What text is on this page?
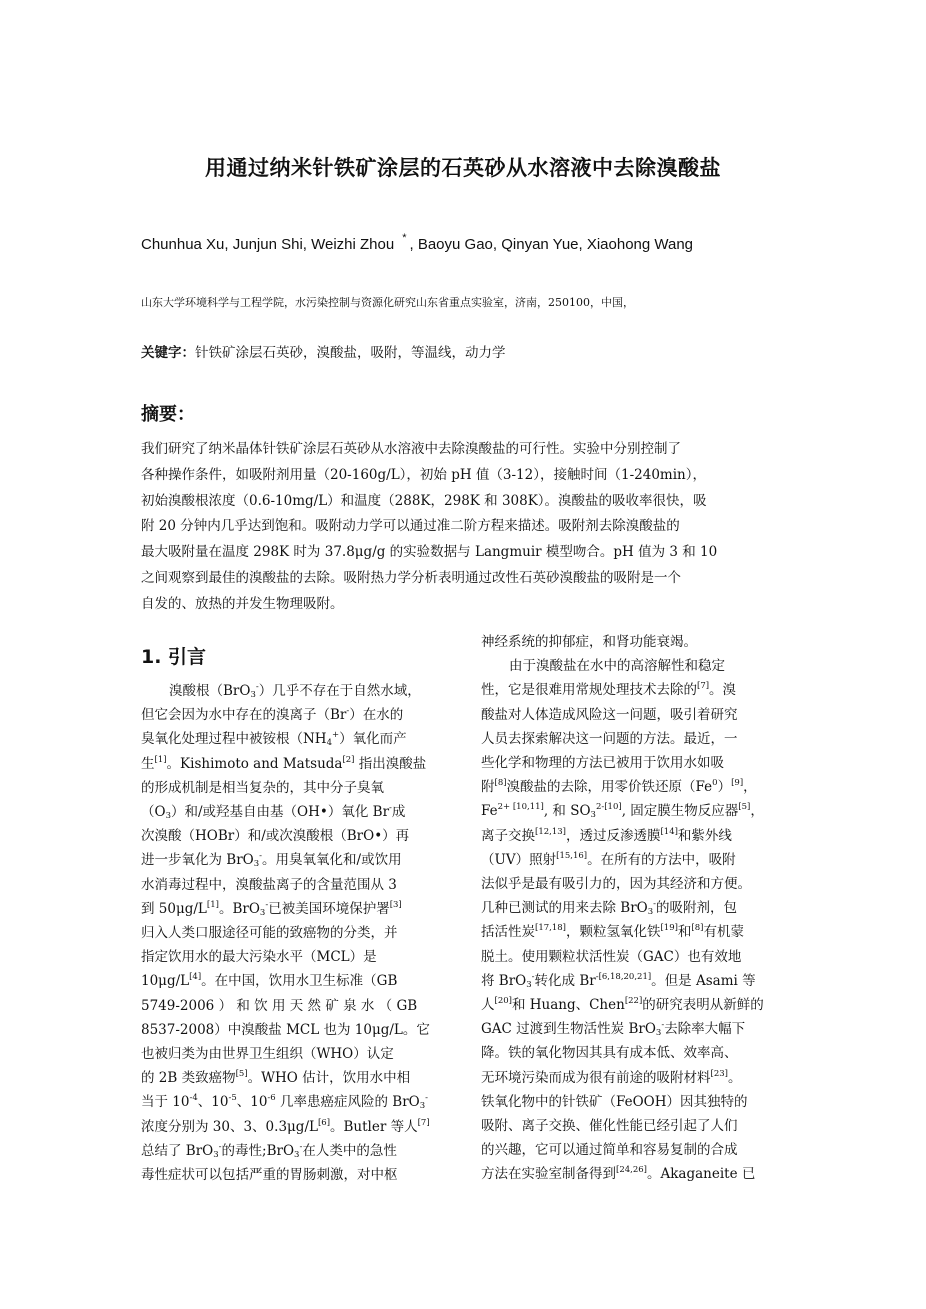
用通过纳米针铁矿涂层的石英砂从水溶液中去除溴酸盐
Chunhua Xu, Junjun Shi, Weizhi Zhou * , Baoyu Gao, Qinyan Yue, Xiaohong Wang
山东大学环境科学与工程学院，水污染控制与资源化研究山东省重点实验室，济南，250100，中国，
关键字：针铁矿涂层石英砂，溴酸盐，吸附，等温线，动力学
摘要：
我们研究了纳米晶体针铁矿涂层石英砂从水溶液中去除溴酸盐的可行性。实验中分别控制了
各种操作条件，如吸附剂用量（20-160g/L），初始 pH 值（3-12），接触时间（1-240min），
初始溴酸根浓度（0.6-10mg/L）和温度（288K，298K 和 308K）。溴酸盐的吸收率很快，吸
附 20 分钟内几乎达到饱和。吸附动力学可以通过准二阶方程来描述。吸附剂去除溴酸盐的
最大吸附量在温度 298K 时为 37.8μg/g 的实验数据与 Langmuir 模型吻合。pH 值为 3 和 10
之间观察到最佳的溴酸盐的去除。吸附热力学分析表明通过改性石英砂溴酸盐的吸附是一个
自发的、放热的并发生物理吸附。
1. 引言
溴酸根（BrO$_3$-）几乎不存在于自然水域，
但它会因为水中存在的溴离子（Br-）在水的
臭氧化处理过程中被铵根$(NH_4^+)$氧化而产
生[1]。Kishimoto and Matsuda[2] 指出溴酸盐
的形成机制是相当复杂的，其中分子臭氧
$(O_3)$和/或羟基自由基（OH•）氧化 Br-成
次溴酸（HOBr）和/或次溴酸根（BrO•）再
进一步氧化为 BrO$_3$-。用臭氧氧化和/或饮用
水消毒过程中，溴酸盐离子的含量范围从 3
到 50μg/L[1]。BrO$_3$-已被美国环境保护署[3]
归入人类口服途径可能的致癌物的分类，并
指定饮用水的最大污染水平（MCL）是
10μg/L[4]。在中国，饮用水卫生标准（GB
5749-2006 ） 和 饮 用 天 然 矿 泉 水 （ GB
8537-2008）中溴酸盐 MCL 也为 10μg/L。它
也被归类为由世界卫生组织（WHO）认定
的 2B 类致癌物[5]。WHO 估计，饮用水中相
当于 $10^{-4}$、$10^{-5}$、$10^{-6}$ 几率患癌症风险的 BrO$_3$-
浓度分别为 30、3、0.3μg/L[6]。Butler 等人[7]
总结了 BrO$_3$-的毒性;BrO$_3$-在人类中的急性
毒性症状可以包括严重的胃肠刺激，对中枢
神经系统的抑郁症，和肾功能衰竭。
由于溴酸盐在水中的高溶解性和稳定
性，它是很难用常规处理技术去除的[7]。溴
酸盐对人体造成风险这一问题，吸引着研究
人员去探索解决这一问题的方法。最近，一
些化学和物理的方法已被用于饮用水如吸
附[8]溴酸盐的去除，用零价铁还原（Fe$^0$）[9]，
$Fe^{2+}$ [10,11], 和 $SO_3^{2-[10]}$, 固定膜生物反应器[5]，
离子交换[12,13]，透过反渗透膜[14]和紫外线
（UV）照射[15,16]。在所有的方法中，吸附
法似乎是最有吸引力的，因为其经济和方便。
几种已测试的用来去除 BrO$_3$-的吸附剂，包
括活性炭[17,18]，颗粒氢氧化铁[19]和[8]有机蒙
脱土。使用颗粒状活性炭（GAC）也有效地
将 BrO$_3$-转化成 $Br^{-[6,18,20,21]}$。但是 Asami 等
人[20]和 Huang、Chen[22]的研究表明从新鲜的
GAC 过渡到生物活性炭 BrO$_3$-去除率大幅下
降。铁的氧化物因其具有成本低、效率高、
无环境污染而成为很有前途的吸附材料[23]。
铁氧化物中的针铁矿（FeOOH）因其独特的
吸附、离子交换、催化性能已经引起了人们
的兴趣，它可以通过简单和容易复制的合成
方法在实验室制备得到[24,26]。Akaganeite 已
